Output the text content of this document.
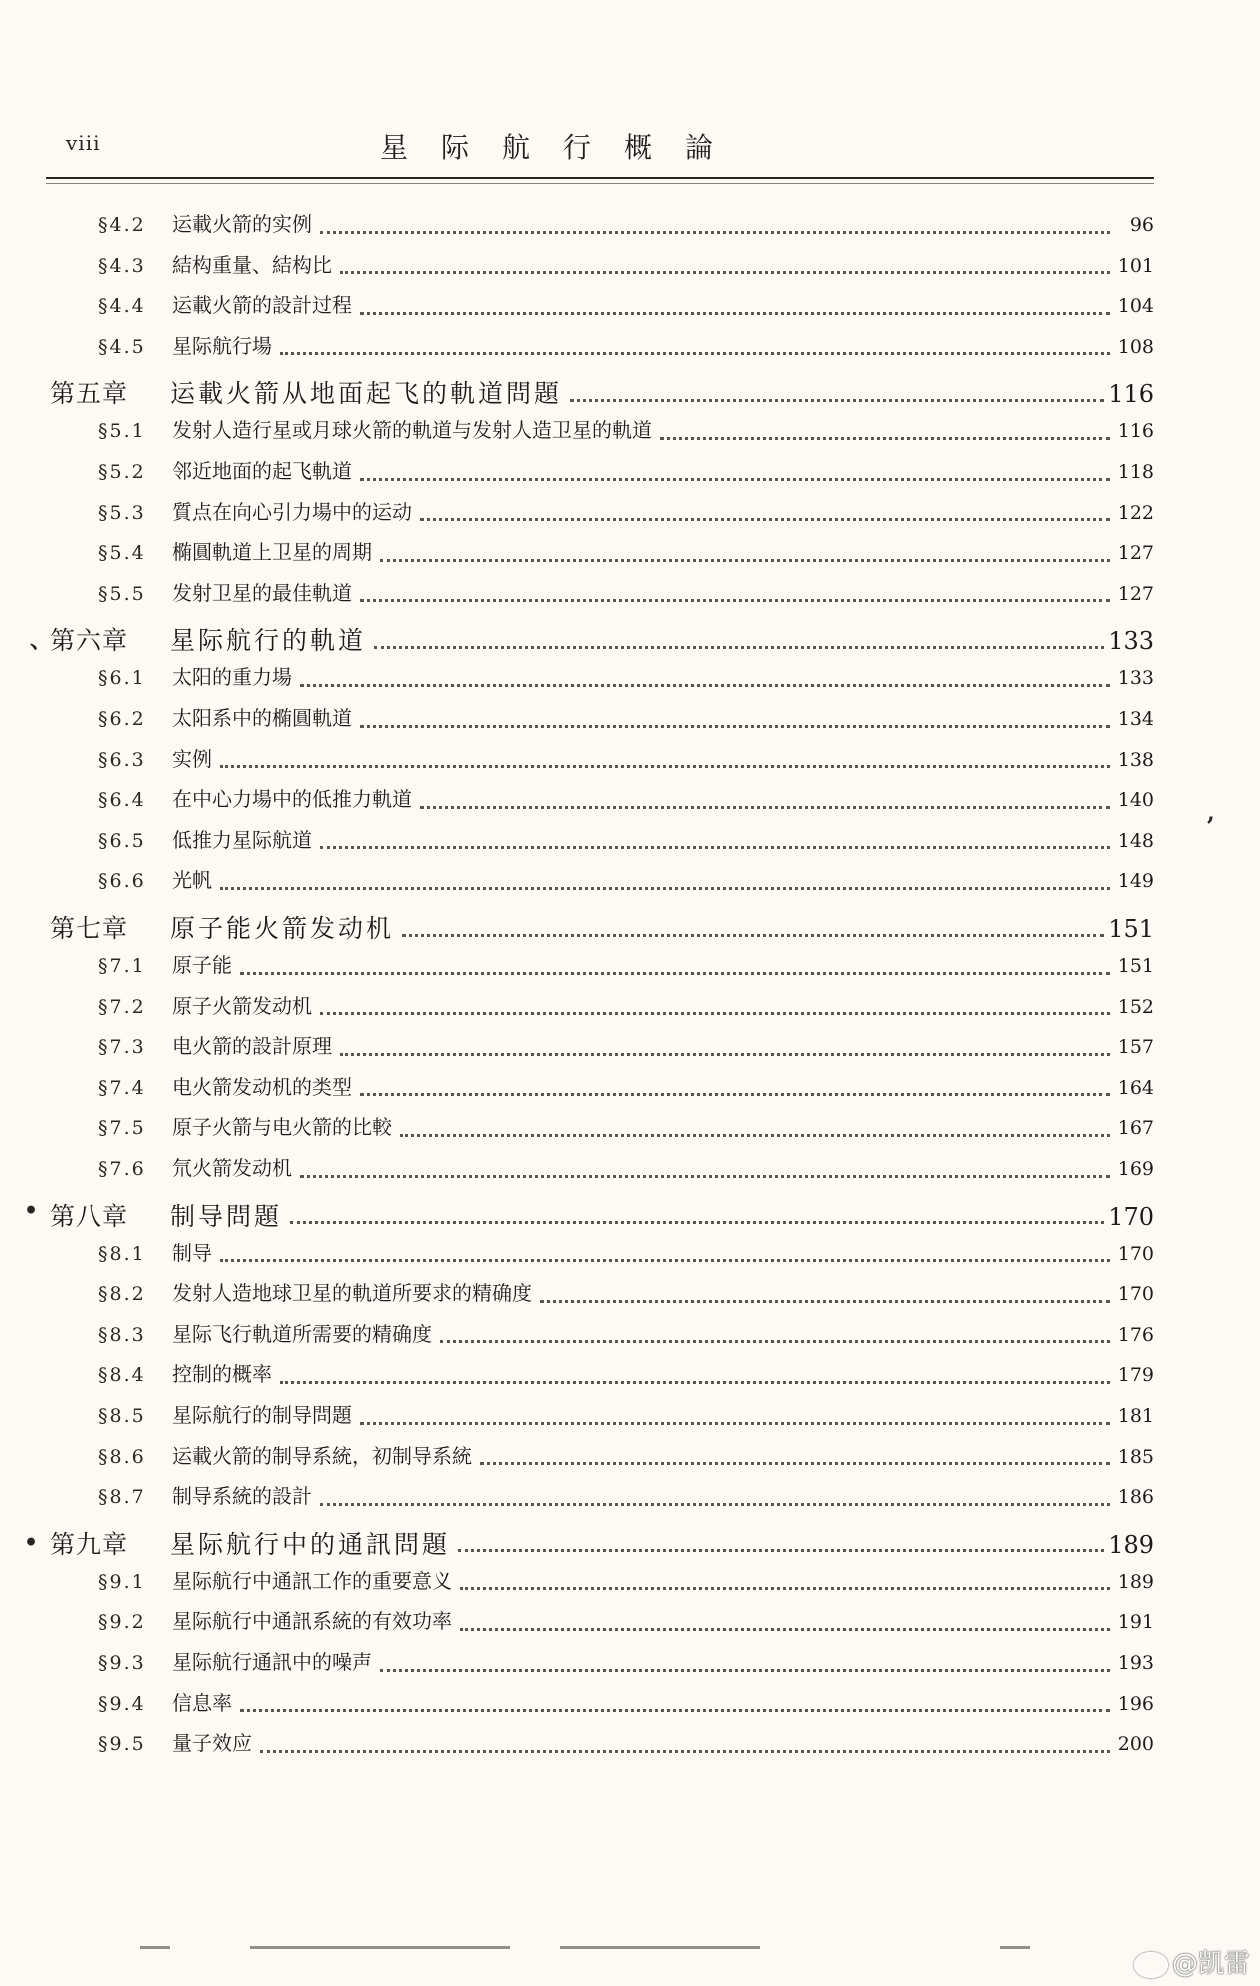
viii	星际航行概論
§4.2	运載火箭的实例	96
§4.3	結构重量、結构比	101
§4.4	运載火箭的設計过程	104
§4.5	星际航行場	108
第五章	运載火箭从地面起飞的軌道問題	116
§5.1	发射人造行星或月球火箭的軌道与发射人造卫星的軌道	116
§5.2	邻近地面的起飞軌道	118
§5.3	質点在向心引力場中的运动	122
§5.4	椭圓軌道上卫星的周期	127
§5.5	发射卫星的最佳軌道	127
第六章	星际航行的軌道	133
§6.1	太阳的重力場	133
§6.2	太阳系中的椭圓軌道	134
§6.3	实例	138
§6.4	在中心力場中的低推力軌道	140
§6.5	低推力星际航道	148
§6.6	光帆	149
第七章	原子能火箭发动机	151
§7.1	原子能	151
§7.2	原子火箭发动机	152
§7.3	电火箭的設計原理	157
§7.4	电火箭发动机的类型	164
§7.5	原子火箭与电火箭的比較	167
§7.6	氘火箭发动机	169
第八章	制导問題	170
§8.1	制导	170
§8.2	发射人造地球卫星的軌道所要求的精确度	170
§8.3	星际飞行軌道所需要的精确度	176
§8.4	控制的概率	179
§8.5	星际航行的制导問題	181
§8.6	运載火箭的制导系統，初制导系統	185
§8.7	制导系統的設計	186
第九章	星际航行中的通訊問題	189
§9.1	星际航行中通訊工作的重要意义	189
§9.2	星际航行中通訊系統的有效功率	191
§9.3	星际航行通訊中的噪声	193
§9.4	信息率	196
§9.5	量子效应	200
,
、
•
•
@凯雷
